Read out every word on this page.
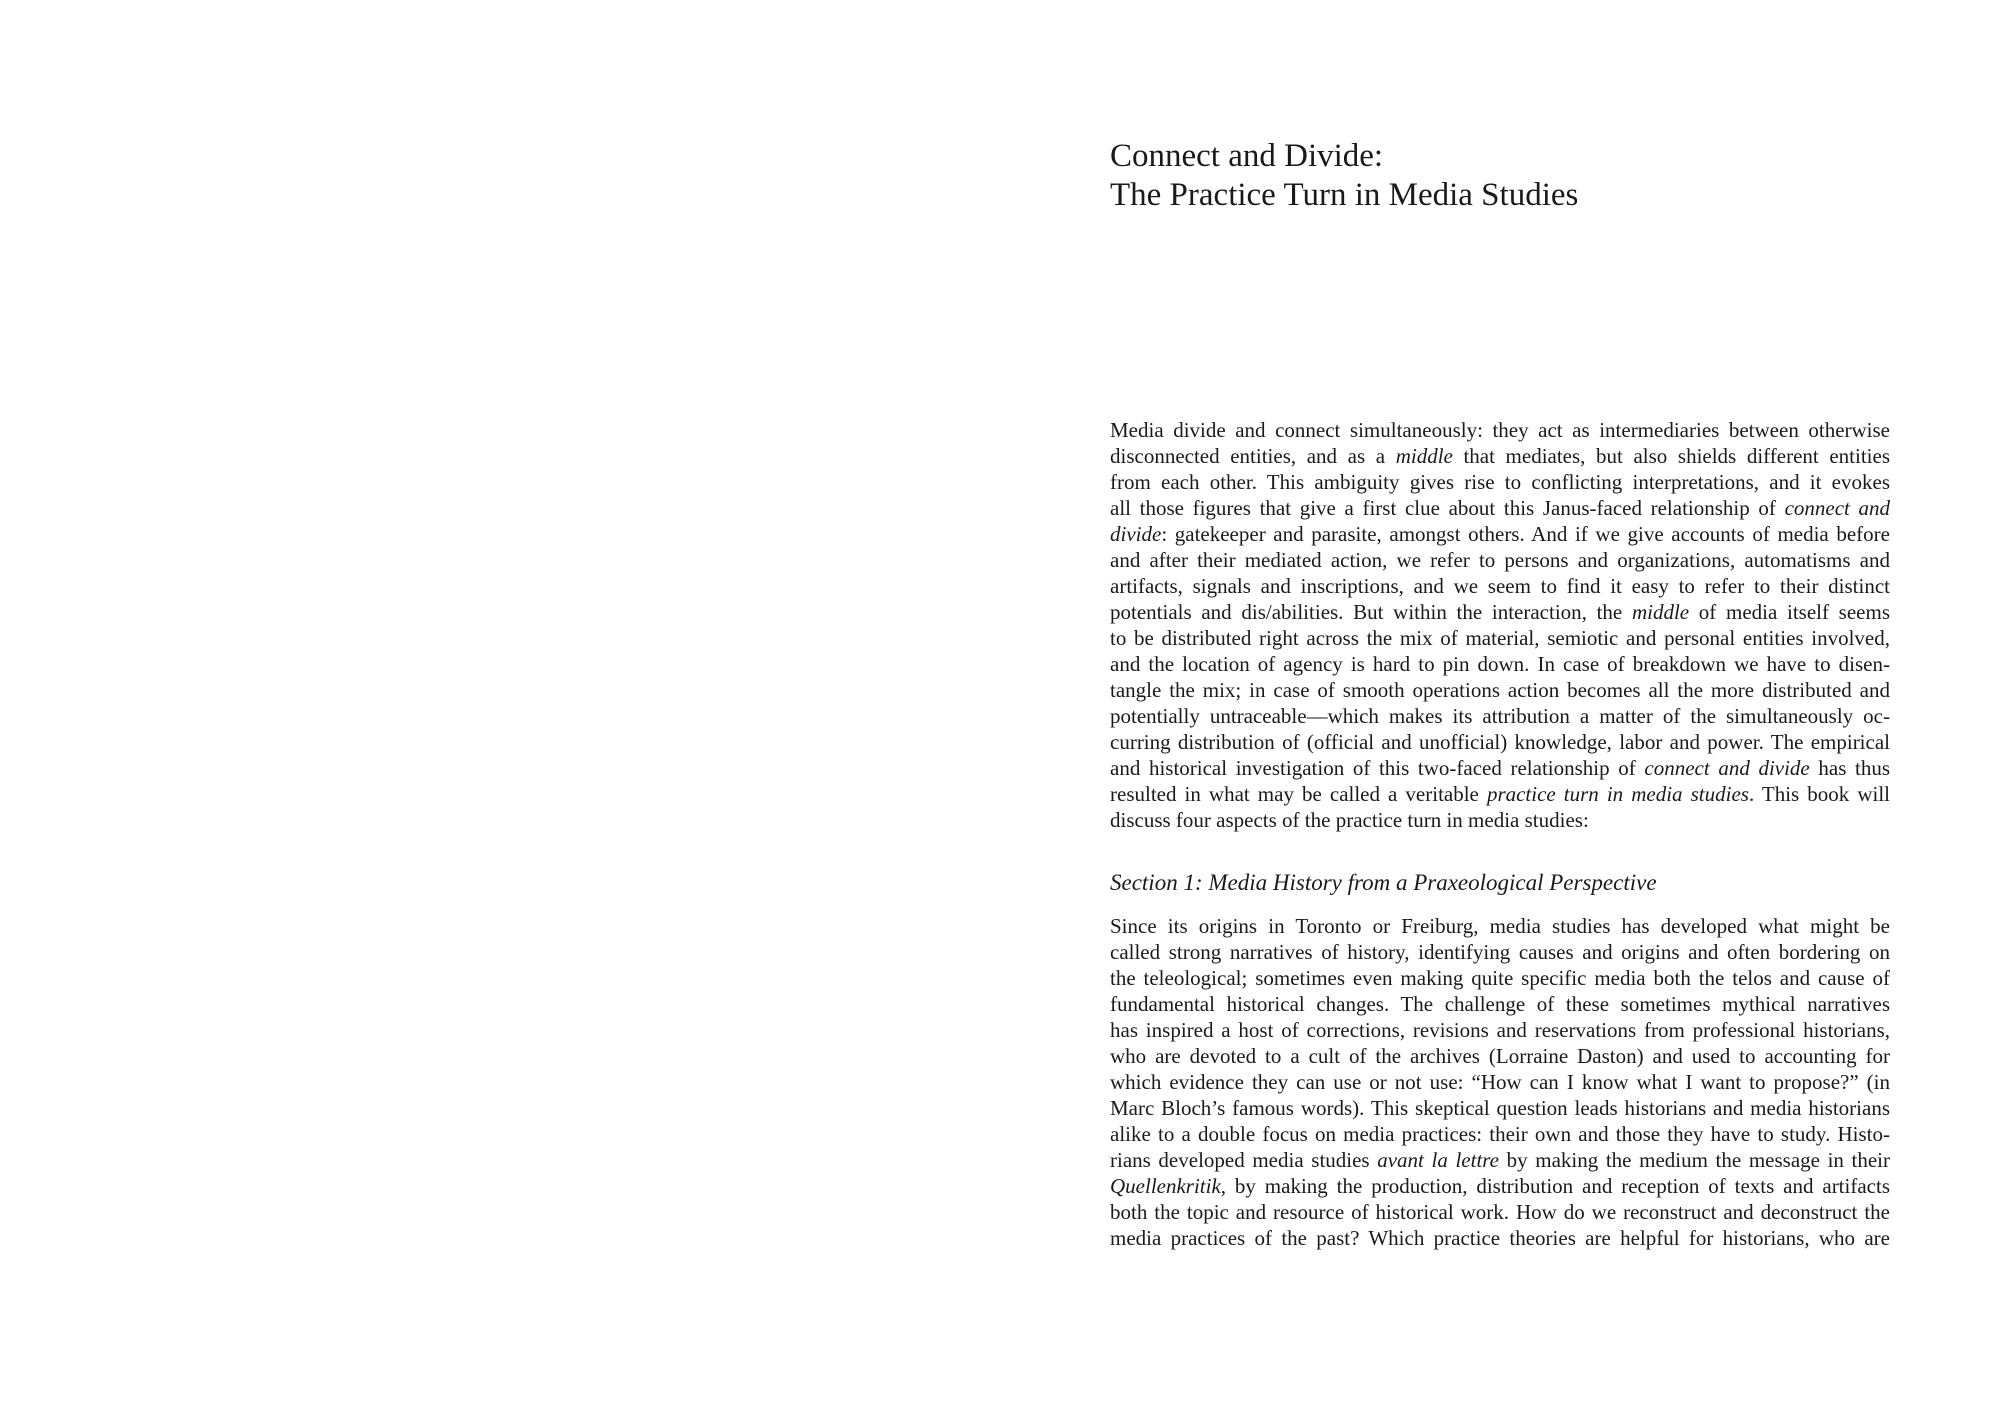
Connect and Divide:
The Practice Turn in Media Studies
Media divide and connect simultaneously: they act as intermediaries between otherwise
disconnected entities, and as a middle that mediates, but also shields different entities
from each other. This ambiguity gives rise to conflicting interpretations, and it evokes
all those figures that give a first clue about this Janus-faced relationship of connect and
divide: gatekeeper and parasite, amongst others. And if we give accounts of media before
and after their mediated action, we refer to persons and organizations, automatisms and
artifacts, signals and inscriptions, and we seem to find it easy to refer to their distinct
potentials and dis/abilities. But within the interaction, the middle of media itself seems
to be distributed right across the mix of material, semiotic and personal entities involved,
and the location of agency is hard to pin down. In case of breakdown we have to disen-
tangle the mix; in case of smooth operations action becomes all the more distributed and
potentially untraceable—which makes its attribution a matter of the simultaneously oc-
curring distribution of (official and unofficial) knowledge, labor and power. The empirical
and historical investigation of this two-faced relationship of connect and divide has thus
resulted in what may be called a veritable practice turn in media studies. This book will
discuss four aspects of the practice turn in media studies:
Section 1: Media History from a Praxeological Perspective
Since its origins in Toronto or Freiburg, media studies has developed what might be
called strong narratives of history, identifying causes and origins and often bordering on
the teleological; sometimes even making quite specific media both the telos and cause of
fundamental historical changes. The challenge of these sometimes mythical narratives
has inspired a host of corrections, revisions and reservations from professional historians,
who are devoted to a cult of the archives (Lorraine Daston) and used to accounting for
which evidence they can use or not use: “How can I know what I want to propose?” (in
Marc Bloch’s famous words). This skeptical question leads historians and media historians
alike to a double focus on media practices: their own and those they have to study. Histo-
rians developed media studies avant la lettre by making the medium the message in their
Quellenkritik, by making the production, distribution and reception of texts and artifacts
both the topic and resource of historical work. How do we reconstruct and deconstruct the
media practices of the past? Which practice theories are helpful for historians, who are
